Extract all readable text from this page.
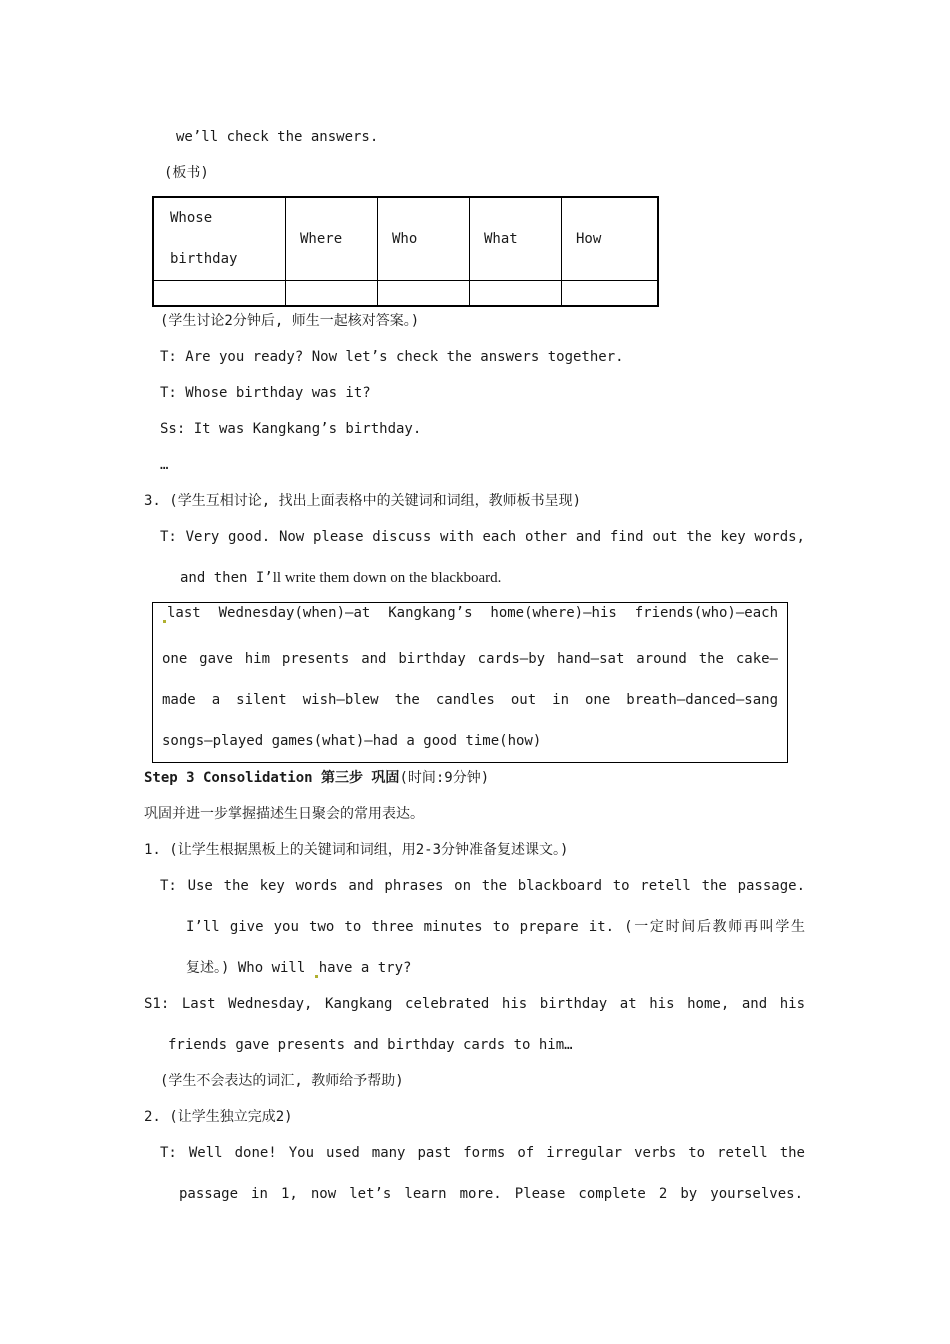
we’ll check the answers.
(板书)
Whose
birthday	Where	Who	What	How

(学生讨论2分钟后, 师生一起核对答案。)
T: Are you ready? Now let’s check the answers together.
T: Whose birthday was it?
Ss: It was Kangkang’s birthday.
…
3. (学生互相讨论, 找出上面表格中的关键词和词组，教师板书呈现)
T: Very good. Now please discuss with each other and find out the key words,
and then I’ll write them down on the blackboard.
last Wednesday(when)—at Kangkang’s home(where)—his friends(who)—each
one gave him presents and birthday cards—by hand—sat around the cake—
made a silent wish—blew the candles out in one breath—danced—sang
songs—played games(what)—had a good time(how)
Step 3 Consolidation 第三步 巩固(时间:9分钟)
巩固并进一步掌握描述生日聚会的常用表达。
1. (让学生根据黑板上的关键词和词组，用2-3分钟准备复述课文。)
T: Use the key words and phrases on the blackboard to retell the passage.
I’ll give you two to three minutes to prepare it. (一定时间后教师再叫学生
复述。) Who will have a try?
S1: Last Wednesday, Kangkang celebrated his birthday at his home, and his
friends gave presents and birthday cards to him…
(学生不会表达的词汇, 教师给予帮助)
2. (让学生独立完成2)
T: Well done! You used many past forms of irregular verbs to retell the
passage in 1, now let’s learn more. Please complete 2 by yourselves.
